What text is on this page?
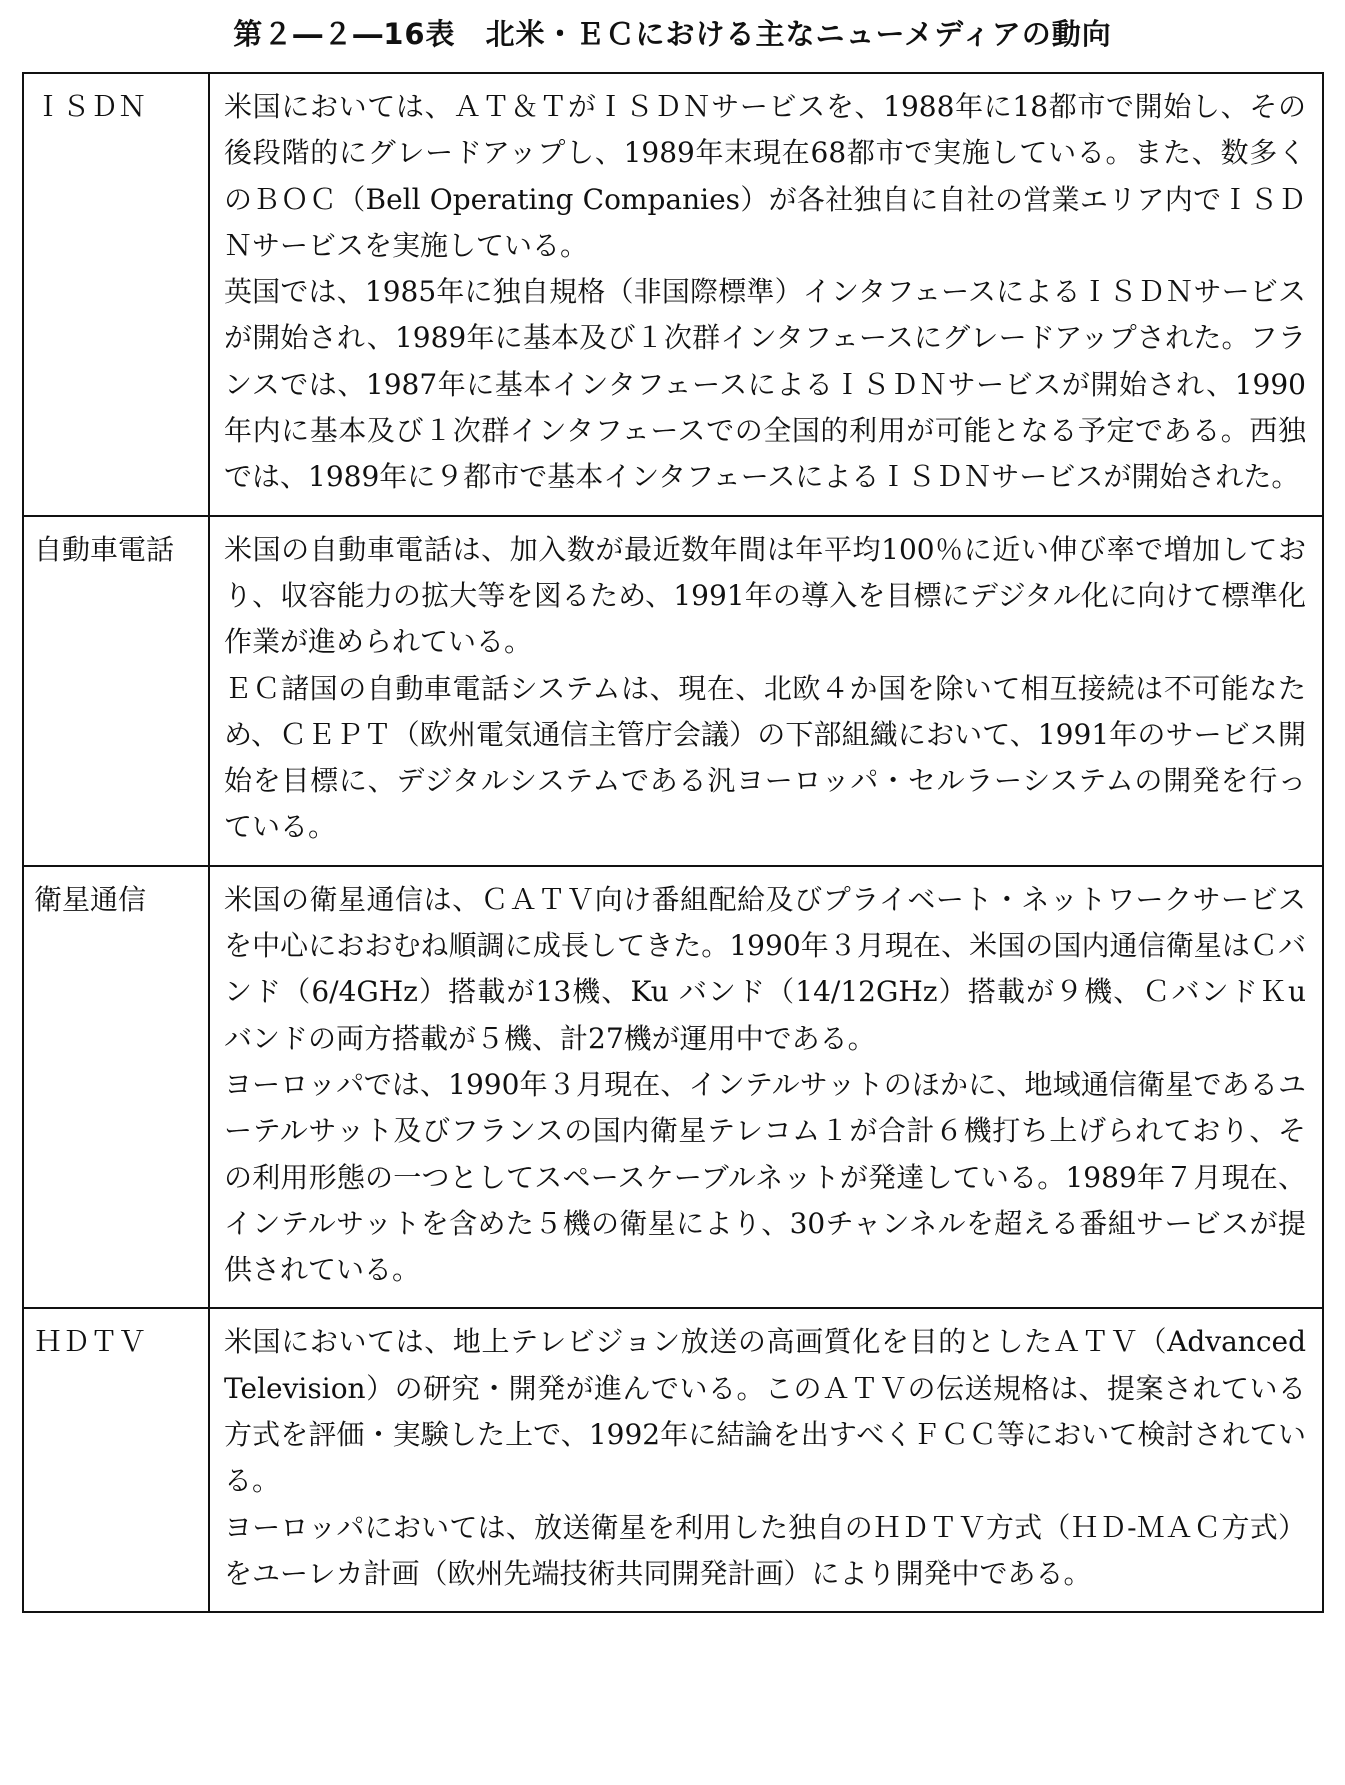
第２―２―16表　北米・ＥＣにおける主なニューメディアの動向
ＩＳＤＮ	米国においては、ＡＴ＆ＴがＩＳＤＮサービスを、1988年に18都市で開始し、その後段階的にグレードアップし、1989年末現在68都市で実施している。また、数多くのＢＯＣ（Bell Operating Companies）が各社独自に自社の営業エリア内でＩＳＤＮサービスを実施している。

英国では、1985年に独自規格（非国際標準）インタフェースによるＩＳＤＮサービスが開始され、1989年に基本及び１次群インタフェースにグレードアップされた。フランスでは、1987年に基本インタフェースによるＩＳＤＮサービスが開始され、1990年内に基本及び１次群インタフェースでの全国的利用が可能となる予定である。西独では、1989年に９都市で基本インタフェースによるＩＳＤＮサービスが開始された。

自動車電話	米国の自動車電話は、加入数が最近数年間は年平均100％に近い伸び率で増加しており、収容能力の拡大等を図るため、1991年の導入を目標にデジタル化に向けて標準化作業が進められている。

ＥＣ諸国の自動車電話システムは、現在、北欧４か国を除いて相互接続は不可能なため、ＣＥＰＴ（欧州電気通信主管庁会議）の下部組織において、1991年のサービス開始を目標に、デジタルシステムである汎ヨーロッパ・セルラーシステムの開発を行っている。

衛星通信	米国の衛星通信は、ＣＡＴＶ向け番組配給及びプライベート・ネットワークサービスを中心におおむね順調に成長してきた。1990年３月現在、米国の国内通信衛星はＣバンド（6/4GHz）搭載が13機、Ku バンド（14/12GHz）搭載が９機、ＣバンドＫu バンドの両方搭載が５機、計27機が運用中である。

ヨーロッパでは、1990年３月現在、インテルサットのほかに、地域通信衛星であるユーテルサット及びフランスの国内衛星テレコム１が合計６機打ち上げられており、その利用形態の一つとしてスペースケーブルネットが発達している。1989年７月現在、インテルサットを含めた５機の衛星により、30チャンネルを超える番組サービスが提供されている。

ＨＤＴＶ	米国においては、地上テレビジョン放送の高画質化を目的としたＡＴＶ（Advanced Television）の研究・開発が進んでいる。このＡＴＶの伝送規格は、提案されている方式を評価・実験した上で、1992年に結論を出すべくＦＣＣ等において検討されている。

ヨーロッパにおいては、放送衛星を利用した独自のＨＤＴＶ方式（ＨＤ-ＭＡＣ方式）をユーレカ計画（欧州先端技術共同開発計画）により開発中である。
